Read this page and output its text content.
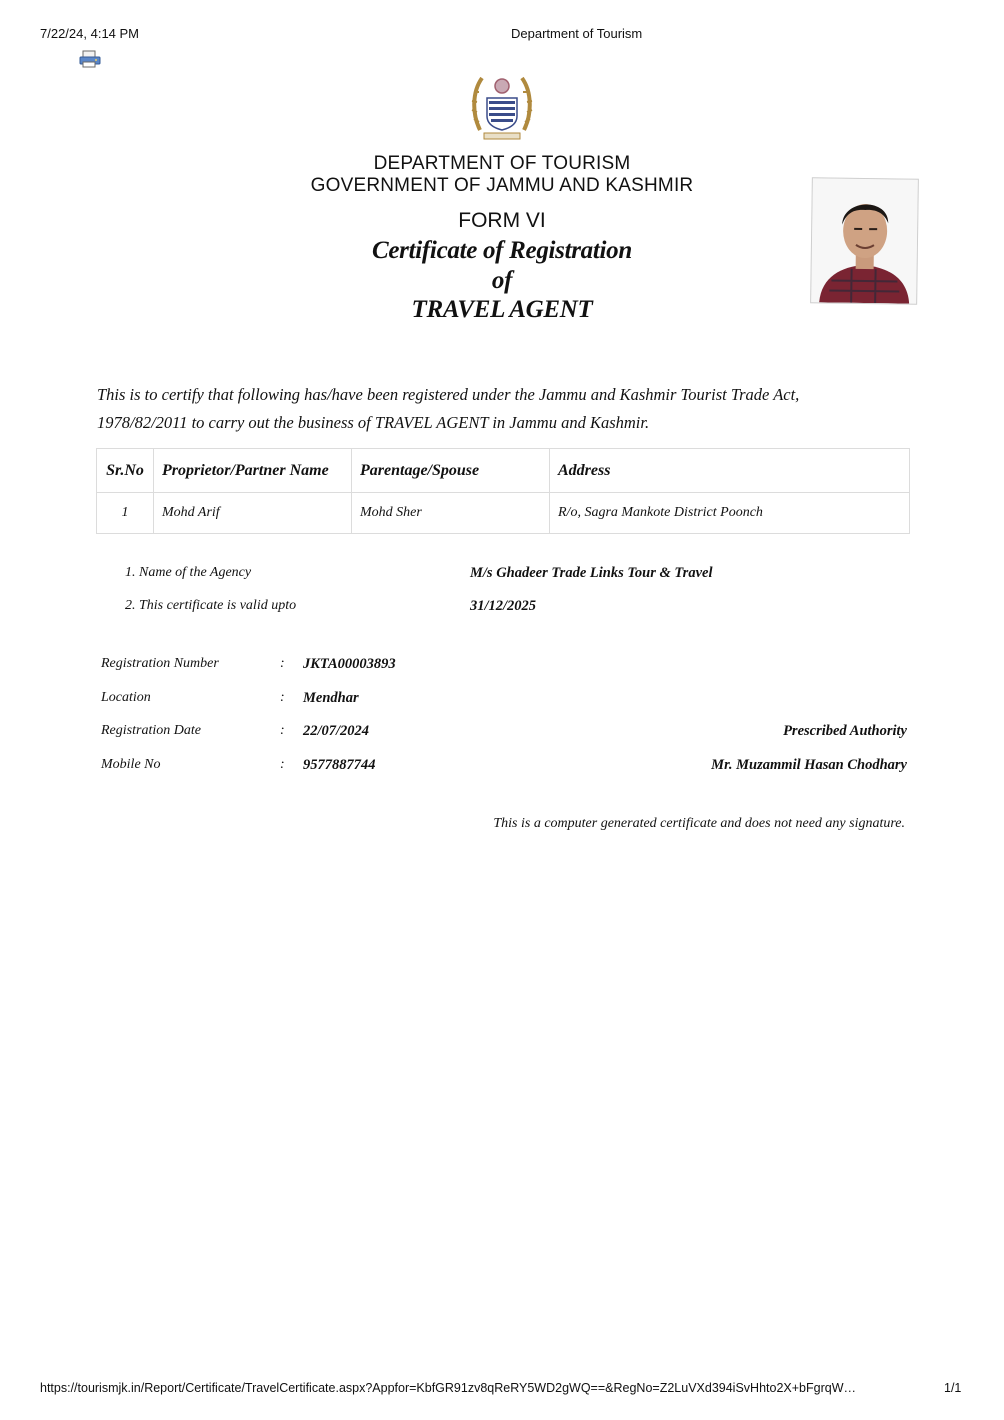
7/22/24, 4:14 PM	Department of Tourism
DEPARTMENT OF TOURISM
GOVERNMENT OF JAMMU AND KASHMIR
FORM VI
Certificate of Registration
of
TRAVEL AGENT
This is to certify that following has/have been registered under the Jammu and Kashmir Tourist Trade Act, 1978/82/2011 to carry out the business of TRAVEL AGENT in Jammu and Kashmir.
Sr.No	Proprietor/Partner Name	Parentage/Spouse	Address
1	Mohd Arif	Mohd Sher	R/o, Sagra Mankote District Poonch
1. Name of the Agency	M/s Ghadeer Trade Links Tour & Travel
2. This certificate is valid upto	31/12/2025
Registration Number	: JKTA00003893
Location	: Mendhar
Registration Date	: 22/07/2024
Mobile No	: 9577887744
Prescribed Authority
Mr. Muzammil Hasan Chodhary
This is a computer generated certificate and does not need any signature.
https://tourismjk.in/Report/Certificate/TravelCertificate.aspx?Appfor=KbfGR91zv8qReRY5WD2gWQ==&RegNo=Z2LuVXd394iSvHhto2X+bFgrqW…	1/1
